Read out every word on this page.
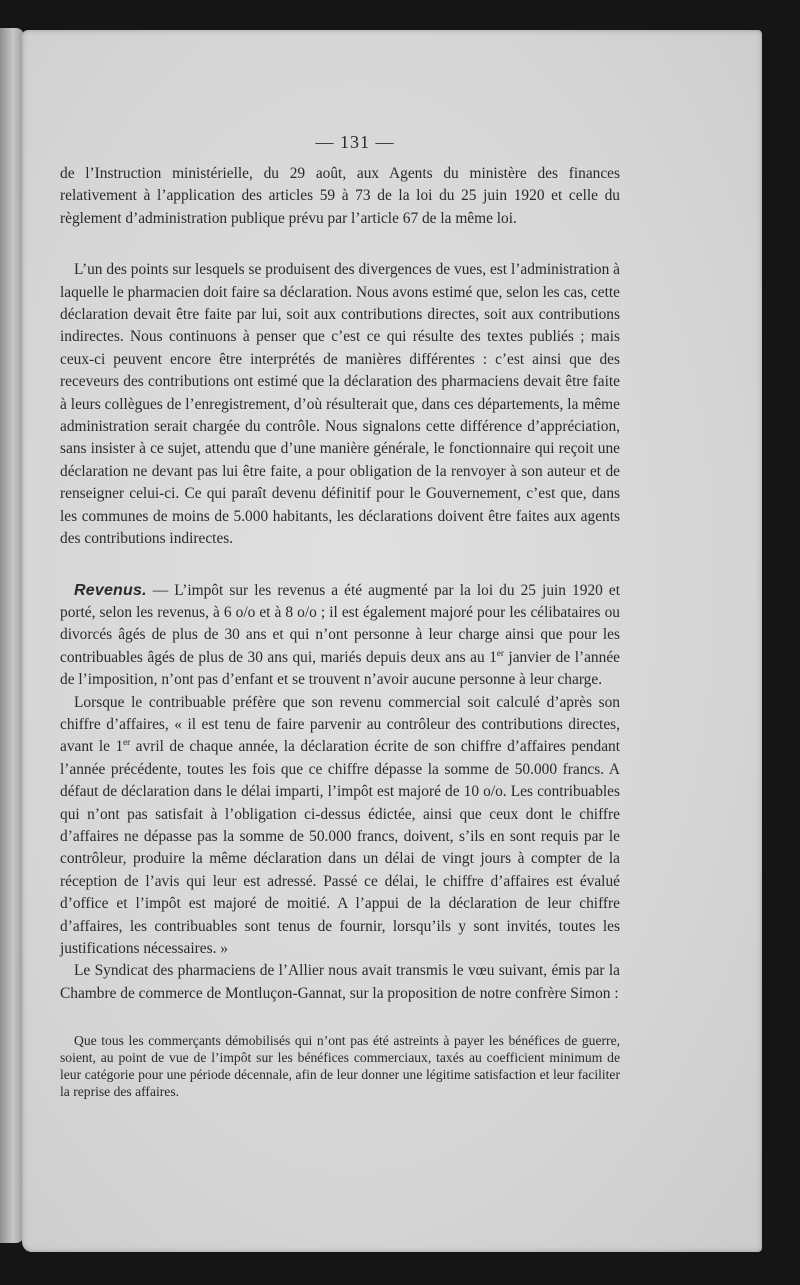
— 131 —

de l’Instruction ministérielle, du 29 août, aux Agents du ministère des finances relativement à l’application des articles 59 à 73 de la loi du 25 juin 1920 et celle du règlement d’administration publique prévu par l’article 67 de la même loi.

L’un des points sur lesquels se produisent des divergences de vues, est l’administration à laquelle le pharmacien doit faire sa déclaration. Nous avons estimé que, selon les cas, cette déclaration devait être faite par lui, soit aux contributions directes, soit aux contributions indirectes. Nous continuons à penser que c’est ce qui résulte des textes publiés ; mais ceux-ci peuvent encore être interprétés de manières différentes : c’est ainsi que des receveurs des contributions ont estimé que la déclaration des pharmaciens devait être faite à leurs collègues de l’enregistrement, d’où résulterait que, dans ces départements, la même administration serait chargée du contrôle. Nous signalons cette différence d’appréciation, sans insister à ce sujet, attendu que d’une manière générale, le fonctionnaire qui reçoit une déclaration ne devant pas lui être faite, a pour obligation de la renvoyer à son auteur et de renseigner celui-ci. Ce qui paraît devenu définitif pour le Gouvernement, c’est que, dans les communes de moins de 5.000 habitants, les déclarations doivent être faites aux agents des contributions indirectes.

Revenus. — L’impôt sur les revenus a été augmenté par la loi du 25 juin 1920 et porté, selon les revenus, à 6 o/o et à 8 o/o ; il est également majoré pour les célibataires ou divorcés âgés de plus de 30 ans et qui n’ont personne à leur charge ainsi que pour les contribuables âgés de plus de 30 ans qui, mariés depuis deux ans au 1er janvier de l’année de l’imposition, n’ont pas d’enfant et se trouvent n’avoir aucune personne à leur charge.

Lorsque le contribuable préfère que son revenu commercial soit calculé d’après son chiffre d’affaires, « il est tenu de faire parvenir au contrôleur des contributions directes, avant le 1er avril de chaque année, la déclaration écrite de son chiffre d’affaires pendant l’année précédente, toutes les fois que ce chiffre dépasse la somme de 50.000 francs. A défaut de déclaration dans le délai imparti, l’impôt est majoré de 10 o/o. Les contribuables qui n’ont pas satisfait à l’obligation ci-dessus édictée, ainsi que ceux dont le chiffre d’affaires ne dépasse pas la somme de 50.000 francs, doivent, s’ils en sont requis par le contrôleur, produire la même déclaration dans un délai de vingt jours à compter de la réception de l’avis qui leur est adressé. Passé ce délai, le chiffre d’affaires est évalué d’office et l’impôt est majoré de moitié. A l’appui de la déclaration de leur chiffre d’affaires, les contribuables sont tenus de fournir, lorsqu’ils y sont invités, toutes les justifications nécessaires. »

Le Syndicat des pharmaciens de l’Allier nous avait transmis le vœu suivant, émis par la Chambre de commerce de Montluçon-Gannat, sur la proposition de notre confrère Simon :

Que tous les commerçants démobilisés qui n’ont pas été astreints à payer les bénéfices de guerre, soient, au point de vue de l’impôt sur les bénéfices commerciaux, taxés au coefficient minimum de leur catégorie pour une période décennale, afin de leur donner une légitime satisfaction et leur faciliter la reprise des affaires.
